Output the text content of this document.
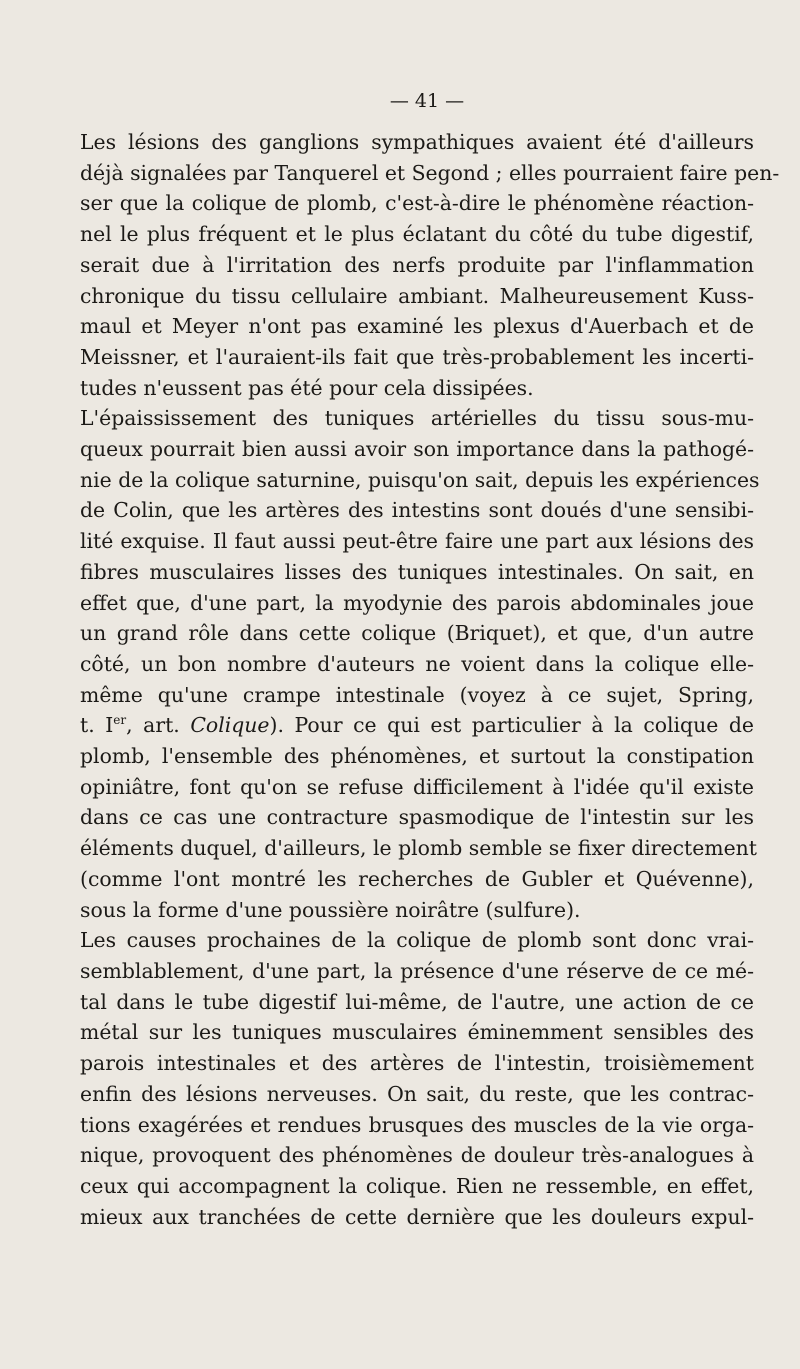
— 41 —

Les lésions des ganglions sympathiques avaient été d'ailleurs
déjà signalées par Tanquerel et Segond ; elles pourraient faire pen-
ser que la colique de plomb, c'est-à-dire le phénomène réaction-
nel le plus fréquent et le plus éclatant du côté du tube digestif,
serait due à l'irritation des nerfs produite par l'inflammation
chronique du tissu cellulaire ambiant. Malheureusement Kuss-
maul et Meyer n'ont pas examiné les plexus d'Auerbach et de
Meissner, et l'auraient-ils fait que très-probablement les incerti-
tudes n'eussent pas été pour cela dissipées.

L'épaississement des tuniques artérielles du tissu sous-mu-
queux pourrait bien aussi avoir son importance dans la pathogé-
nie de la colique saturnine, puisqu'on sait, depuis les expériences
de Colin, que les artères des intestins sont doués d'une sensibi-
lité exquise. Il faut aussi peut-être faire une part aux lésions des
fibres musculaires lisses des tuniques intestinales. On sait, en
effet que, d'une part, la myodynie des parois abdominales joue
un grand rôle dans cette colique (Briquet), et que, d'un autre
côté, un bon nombre d'auteurs ne voient dans la colique elle-
même qu'une crampe intestinale (voyez à ce sujet, Spring,
t. Ier, art. Colique). Pour ce qui est particulier à la colique de
plomb, l'ensemble des phénomènes, et surtout la constipation
opiniâtre, font qu'on se refuse difficilement à l'idée qu'il existe
dans ce cas une contracture spasmodique de l'intestin sur les
éléments duquel, d'ailleurs, le plomb semble se fixer directement
(comme l'ont montré les recherches de Gubler et Quévenne),
sous la forme d'une poussière noirâtre (sulfure).

Les causes prochaines de la colique de plomb sont donc vrai-
semblablement, d'une part, la présence d'une réserve de ce mé-
tal dans le tube digestif lui-même, de l'autre, une action de ce
métal sur les tuniques musculaires éminemment sensibles des
parois intestinales et des artères de l'intestin, troisièmement
enfin des lésions nerveuses. On sait, du reste, que les contrac-
tions exagérées et rendues brusques des muscles de la vie orga-
nique, provoquent des phénomènes de douleur très-analogues à
ceux qui accompagnent la colique. Rien ne ressemble, en effet,
mieux aux tranchées de cette dernière que les douleurs expul-
